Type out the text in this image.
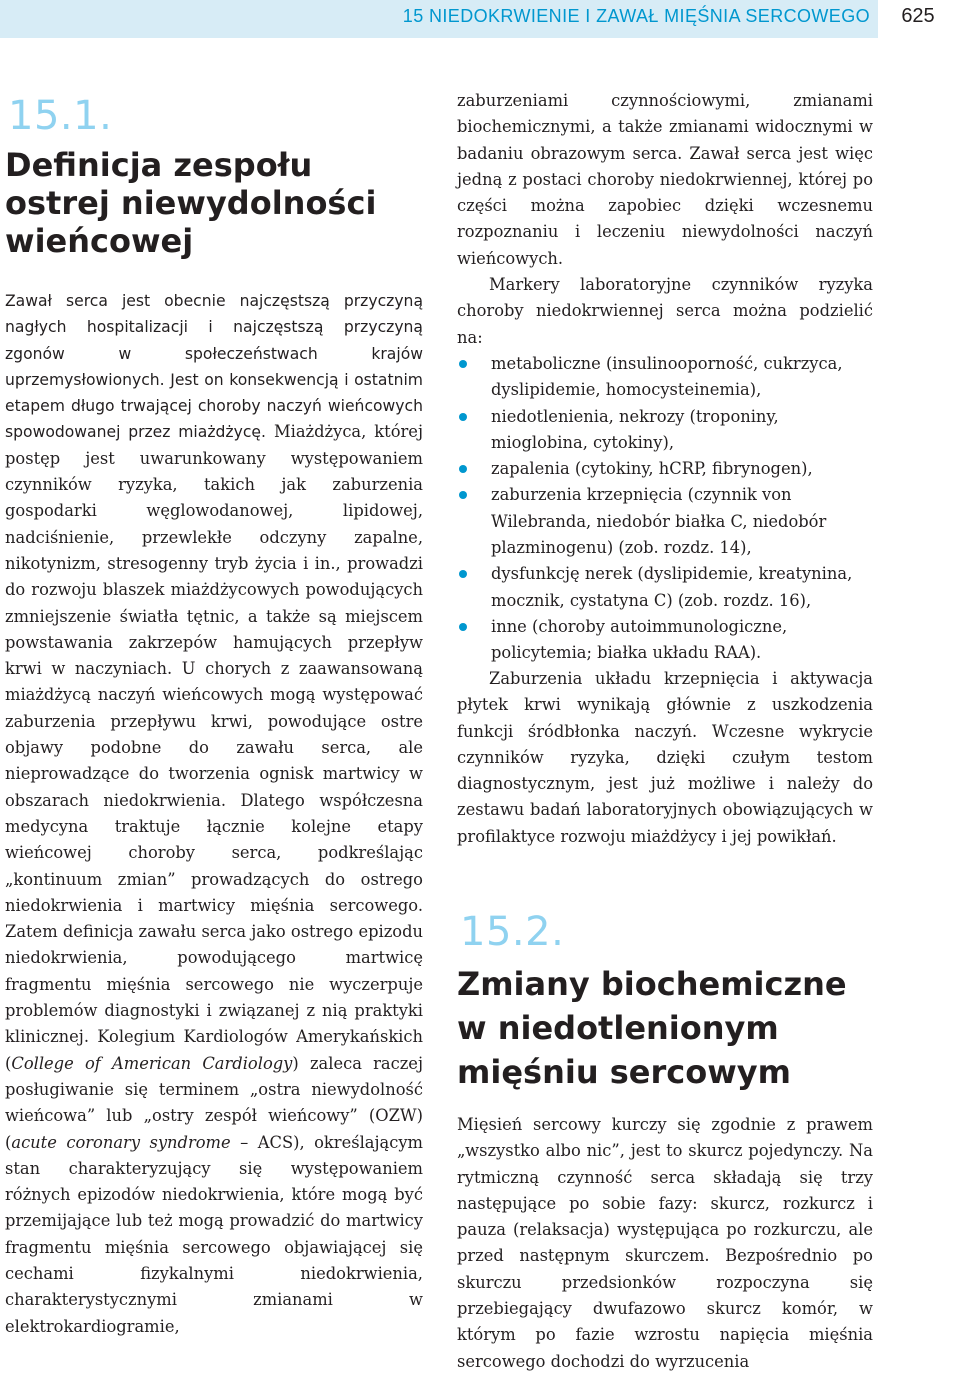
15 NIEDOKRWIENIE I ZAWAŁ MIĘŚNIA SERCOWEGO	625
15.1.
Definicja zespołu
ostrej niewydolności
wieńcowej

Zawał serca jest obecnie najczęstszą przyczyną nagłych hospitalizacji i najczęstszą przyczyną zgonów w społeczeństwach krajów uprzemysłowionych. Jest on konsekwencją i ostatnim etapem długo trwającej choroby naczyń wieńcowych spowodowanej przez miażdżycę. Miażdżyca, której postęp jest uwarunkowany występowaniem czynników ryzyka, takich jak zaburzenia gospodarki węglowodanowej, lipidowej, nadciśnienie, przewlekłe odczyny zapalne, nikotynizm, stresogenny tryb życia i in., prowadzi do rozwoju blaszek miażdżycowych powodujących zmniejszenie światła tętnic, a także są miejscem powstawania zakrzepów hamujących przepływ krwi w naczyniach. U chorych z zaawansowaną miażdżycą naczyń wieńcowych mogą występować zaburzenia przepływu krwi, powodujące ostre objawy podobne do zawału serca, ale nieprowadzące do tworzenia ognisk martwicy w obszarach niedokrwienia. Dlatego współczesna medycyna traktuje łącznie kolejne etapy wieńcowej choroby serca, podkreślając „kontinuum zmian” prowadzących do ostrego niedokrwienia i martwicy mięśnia sercowego. Zatem definicja zawału serca jako ostrego epizodu niedokrwienia, powodującego martwicę fragmentu mięśnia sercowego nie wyczerpuje problemów diagnostyki i związanej z nią praktyki klinicznej. Kolegium Kardiologów Amerykańskich (College of American Cardiology) zaleca raczej posługiwanie się terminem „ostra niewydolność wieńcowa” lub „ostry zespół wieńcowy” (OZW) (acute coronary syndrome – ACS), określającym stan charakteryzujący się występowaniem różnych epizodów niedokrwienia, które mogą być przemijające lub też mogą prowadzić do martwicy fragmentu mięśnia sercowego objawiającej się cechami fizykalnymi niedokrwienia, charakterystycznymi zmianami w elektrokardiogramie,

zaburzeniami czynnościowymi, zmianami biochemicznymi, a także zmianami widocznymi w badaniu obrazowym serca. Zawał serca jest więc jedną z postaci choroby niedokrwiennej, której po części można zapobiec dzięki wczesnemu rozpoznaniu i leczeniu niewydolności naczyń wieńcowych.

Markery laboratoryjne czynników ryzyka choroby niedokrwiennej serca można podzielić na:

metaboliczne (insulinooporność, cukrzyca, dyslipidemie, homocysteinemia),
niedotlenienia, nekrozy (troponiny, mioglobina, cytokiny),
zapalenia (cytokiny, hCRP, fibrynogen),
zaburzenia krzepnięcia (czynnik von Wilebranda, niedobór białka C, niedobór plazminogenu) (zob. rozdz. 14),
dysfunkcję nerek (dyslipidemie, kreatynina, mocznik, cystatyna C) (zob. rozdz. 16),
inne (choroby autoimmunologiczne, policytemia; białka układu RAA).

Zaburzenia układu krzepnięcia i aktywacja płytek krwi wynikają głównie z uszkodzenia funkcji śródbłonka naczyń. Wczesne wykrycie czynników ryzyka, dzięki czułym testom diagnostycznym, jest już możliwe i należy do zestawu badań laboratoryjnych obowiązujących w profilaktyce rozwoju miażdżycy i jej powikłań.

15.2.
Zmiany biochemiczne
w niedotlenionym
mięśniu sercowym

Mięsień sercowy kurczy się zgodnie z prawem „wszystko albo nic”, jest to skurcz pojedynczy. Na rytmiczną czynność serca składają się trzy następujące po sobie fazy: skurcz, rozkurcz i pauza (relaksacja) występująca po rozkurczu, ale przed następnym skurczem. Bezpośrednio po skurczu przedsionków rozpoczyna się przebiegający dwufazowo skurcz komór, w którym po fazie wzrostu napięcia mięśnia sercowego dochodzi do wyrzucenia
